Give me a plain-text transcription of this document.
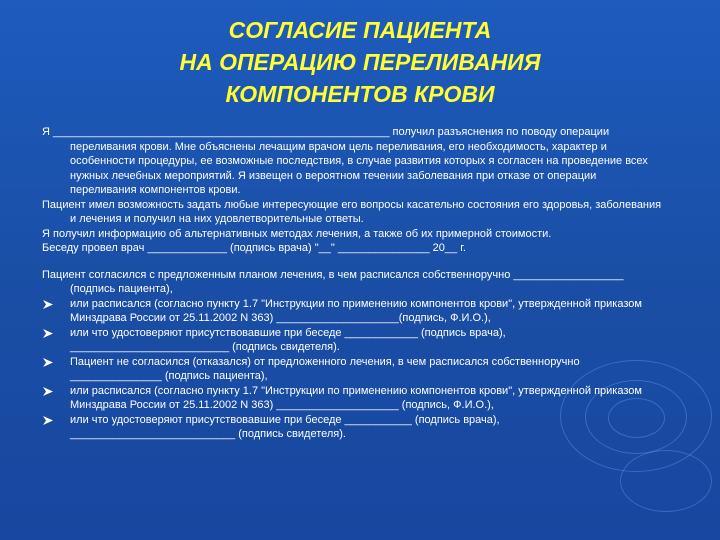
СОГЛАСИЕ ПАЦИЕНТА
НА ОПЕРАЦИЮ ПЕРЕЛИВАНИЯ
КОМПОНЕНТОВ КРОВИ

Я _______________________________________________________ получил разъяснения по поводу операции переливания крови. Мне объяснены лечащим врачом цель переливания, его необходимость, характер и особенности процедуры, ее возможные последствия, в случае развития которых я согласен на проведение всех нужных лечебных мероприятий. Я извещен о вероятном течении заболевания при отказе от операции переливания компонентов крови.

Пациент имел возможность задать любые интересующие его вопросы касательно состояния его здоровья, заболевания и лечения и получил на них удовлетворительные ответы.

Я получил информацию об альтернативных методах лечения, а также об их примерной стоимости.

Беседу провел врач _____________ (подпись врача) "__" _______________ 20__ г.

Пациент согласился с предложенным планом лечения, в чем расписался собственноручно __________________ (подпись пациента),

или расписался (согласно пункту 1.7 "Инструкции по применению компонентов крови", утвержденной приказом Минздрава России от 25.11.2002 N 363) ____________________(подпись, Ф.И.О.),

или что удостоверяют присутствовавшие при беседе ____________ (подпись врача), __________________________ (подпись свидетеля).

Пациент не согласился (отказался) от предложенного лечения, в чем расписался собственноручно _______________ (подпись пациента),

или расписался (согласно пункту 1.7 "Инструкции по применению компонентов крови", утвержденной приказом Минздрава России от 25.11.2002 N 363) ____________________ (подпись, Ф.И.О.),

или что удостоверяют присутствовавшие при беседе ___________ (подпись врача), ___________________________ (подпись свидетеля).
